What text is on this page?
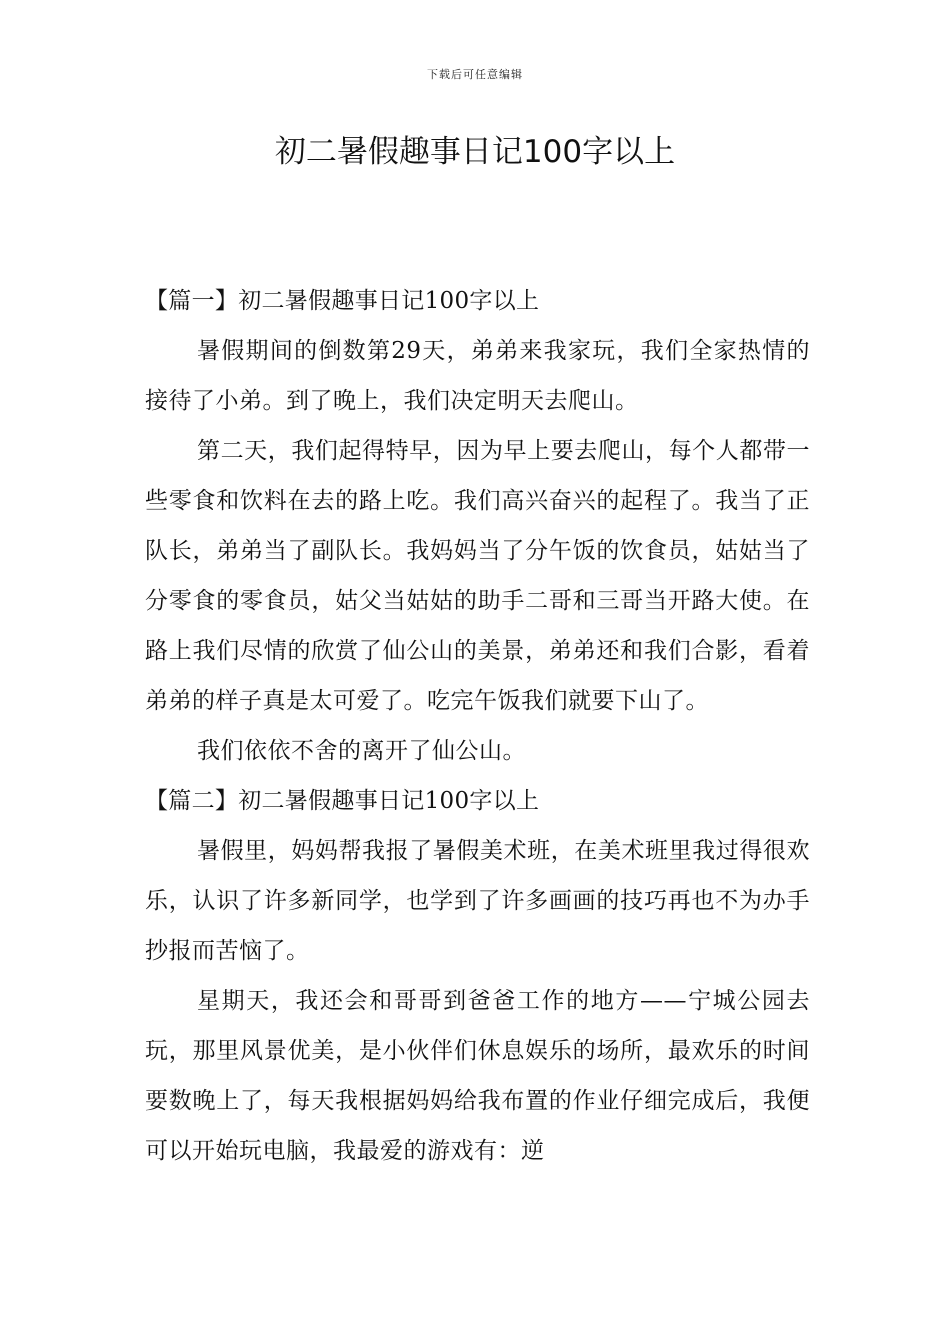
下载后可任意编辑
初二暑假趣事日记100字以上

【篇一】初二暑假趣事日记100字以上

暑假期间的倒数第29天，弟弟来我家玩，我们全家热情的接待了小弟。到了晚上，我们决定明天去爬山。

第二天，我们起得特早，因为早上要去爬山，每个人都带一些零食和饮料在去的路上吃。我们高兴奋兴的起程了。我当了正队长，弟弟当了副队长。我妈妈当了分午饭的饮食员，姑姑当了分零食的零食员，姑父当姑姑的助手二哥和三哥当开路大使。在路上我们尽情的欣赏了仙公山的美景，弟弟还和我们合影，看着弟弟的样子真是太可爱了。吃完午饭我们就要下山了。

我们依依不舍的离开了仙公山。

【篇二】初二暑假趣事日记100字以上

暑假里，妈妈帮我报了暑假美术班，在美术班里我过得很欢乐，认识了许多新同学，也学到了许多画画的技巧再也不为办手抄报而苦恼了。

星期天，我还会和哥哥到爸爸工作的地方——宁城公园去玩，那里风景优美，是小伙伴们休息娱乐的场所，最欢乐的时间要数晚上了，每天我根据妈妈给我布置的作业仔细完成后，我便可以开始玩电脑，我最爱的游戏有：逆
